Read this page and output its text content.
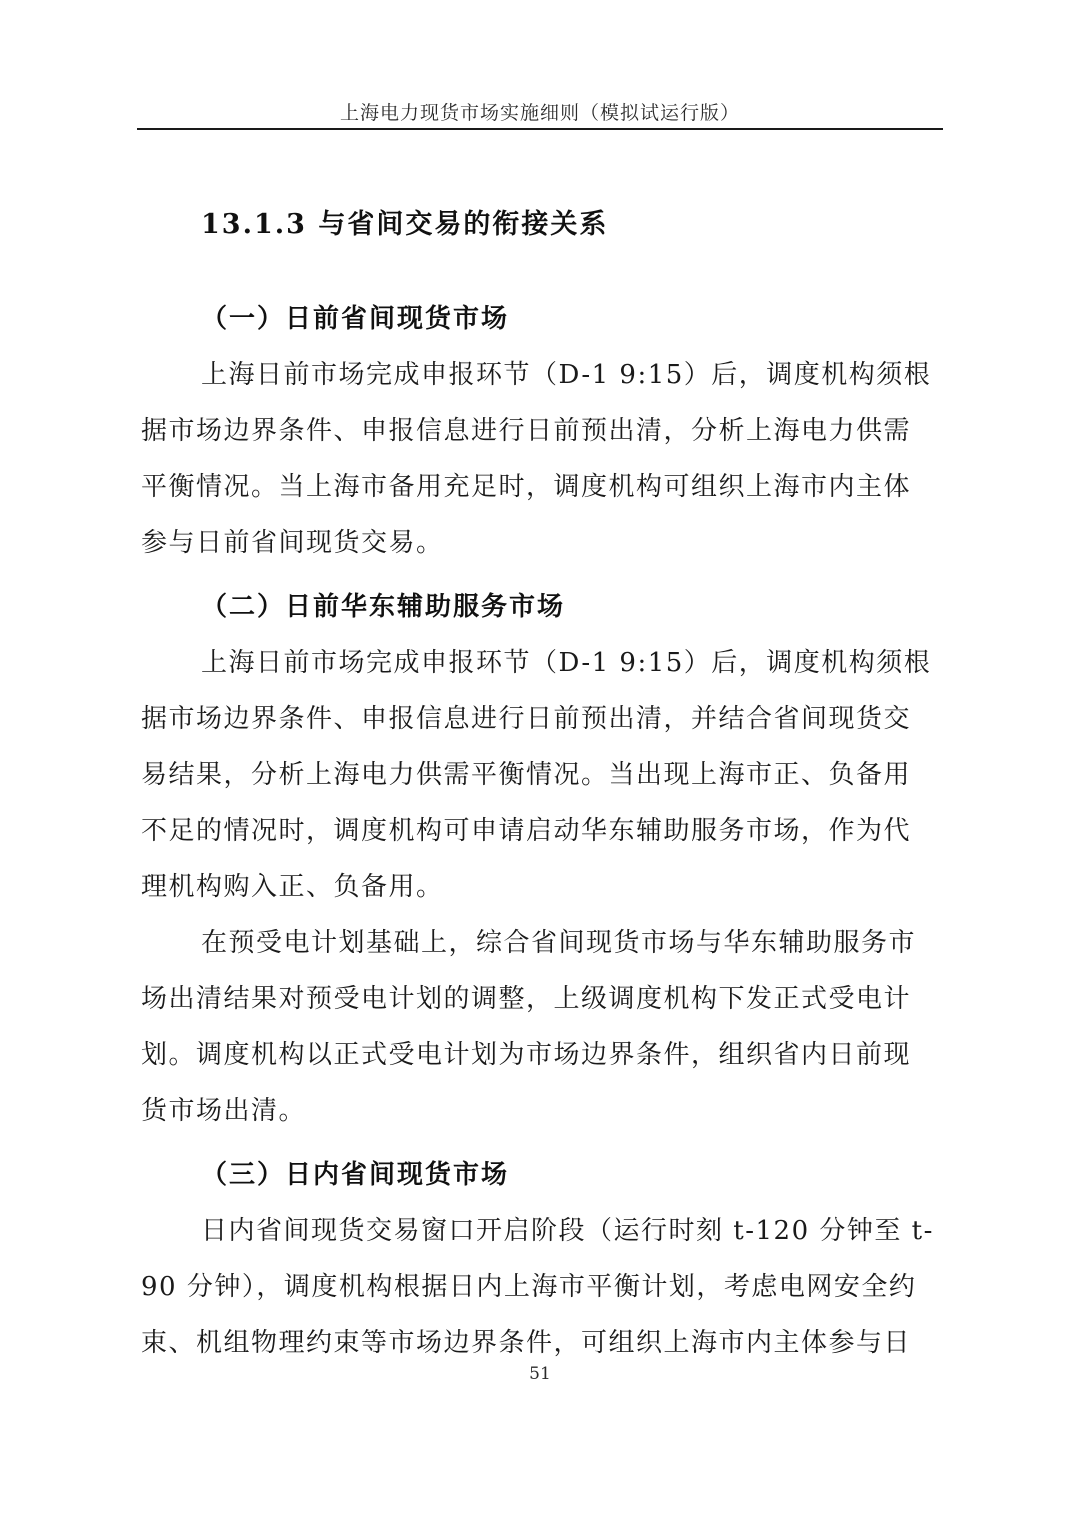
上海电力现货市场实施细则（模拟试运行版）
13.1.3 与省间交易的衔接关系
（一）日前省间现货市场

上海日前市场完成申报环节（D-1 9:15）后，调度机构须根
据市场边界条件、申报信息进行日前预出清，分析上海电力供需
平衡情况。当上海市备用充足时，调度机构可组织上海市内主体
参与日前省间现货交易。

（二）日前华东辅助服务市场

上海日前市场完成申报环节（D-1 9:15）后，调度机构须根
据市场边界条件、申报信息进行日前预出清，并结合省间现货交
易结果，分析上海电力供需平衡情况。当出现上海市正、负备用
不足的情况时，调度机构可申请启动华东辅助服务市场，作为代
理机构购入正、负备用。

在预受电计划基础上，综合省间现货市场与华东辅助服务市
场出清结果对预受电计划的调整，上级调度机构下发正式受电计
划。调度机构以正式受电计划为市场边界条件，组织省内日前现
货市场出清。

（三）日内省间现货市场

日内省间现货交易窗口开启阶段（运行时刻 t-120 分钟至 t-
90 分钟），调度机构根据日内上海市平衡计划，考虑电网安全约
束、机组物理约束等市场边界条件，可组织上海市内主体参与日

51
